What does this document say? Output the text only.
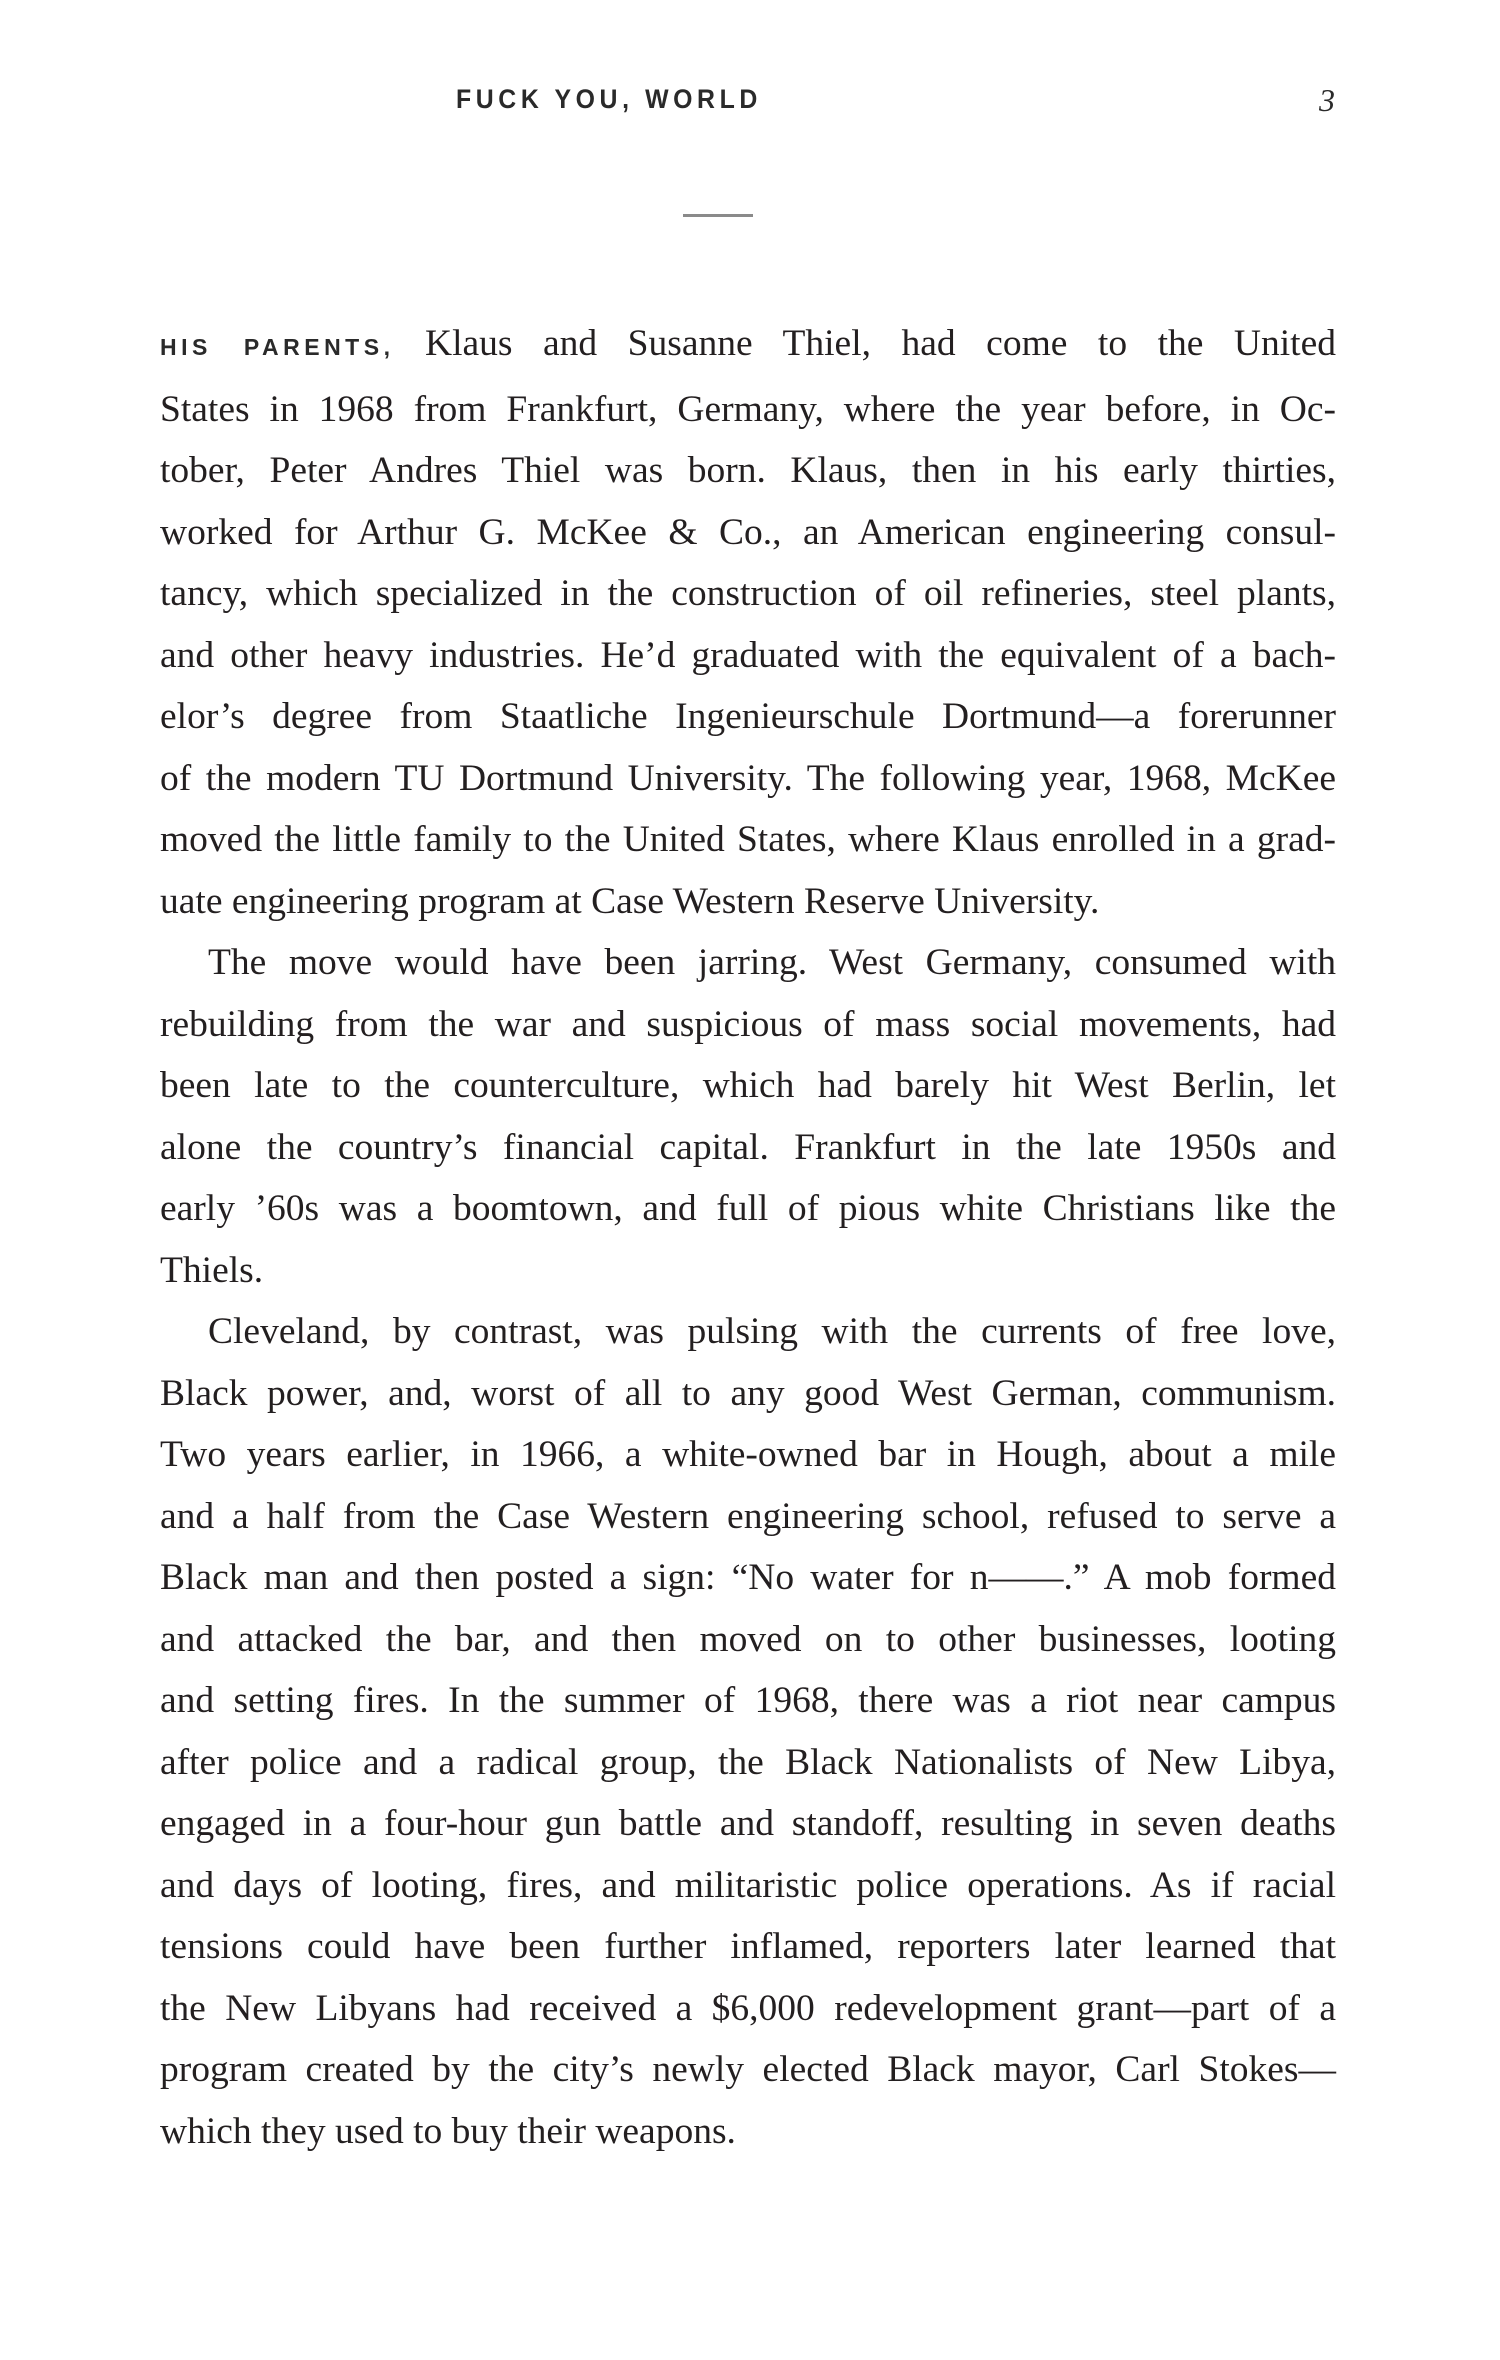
FUCK YOU, WORLD	3
HIS PARENTS, Klaus and Susanne Thiel, had come to the United
States in 1968 from Frankfurt, Germany, where the year before, in Oc-
tober, Peter Andres Thiel was born. Klaus, then in his early thirties,
worked for Arthur G. McKee & Co., an American engineering consul-
tancy, which specialized in the construction of oil refineries, steel plants,
and other heavy industries. He’d graduated with the equivalent of a bach-
elor’s degree from Staatliche Ingenieurschule Dortmund—a forerunner
of the modern TU Dortmund University. The following year, 1968, McKee
moved the little family to the United States, where Klaus enrolled in a grad-
uate engineering program at Case Western Reserve University.
The move would have been jarring. West Germany, consumed with
rebuilding from the war and suspicious of mass social movements, had
been late to the counterculture, which had barely hit West Berlin, let
alone the country’s financial capital. Frankfurt in the late 1950s and
early ’60s was a boomtown, and full of pious white Christians like the
Thiels.
Cleveland, by contrast, was pulsing with the currents of free love,
Black power, and, worst of all to any good West German, communism.
Two years earlier, in 1966, a white-owned bar in Hough, about a mile
and a half from the Case Western engineering school, refused to serve a
Black man and then posted a sign: “No water for n——.” A mob formed
and attacked the bar, and then moved on to other businesses, looting
and setting fires. In the summer of 1968, there was a riot near campus
after police and a radical group, the Black Nationalists of New Libya,
engaged in a four-hour gun battle and standoff, resulting in seven deaths
and days of looting, fires, and militaristic police operations. As if racial
tensions could have been further inflamed, reporters later learned that
the New Libyans had received a $6,000 redevelopment grant—part of a
program created by the city’s newly elected Black mayor, Carl Stokes—
which they used to buy their weapons.
